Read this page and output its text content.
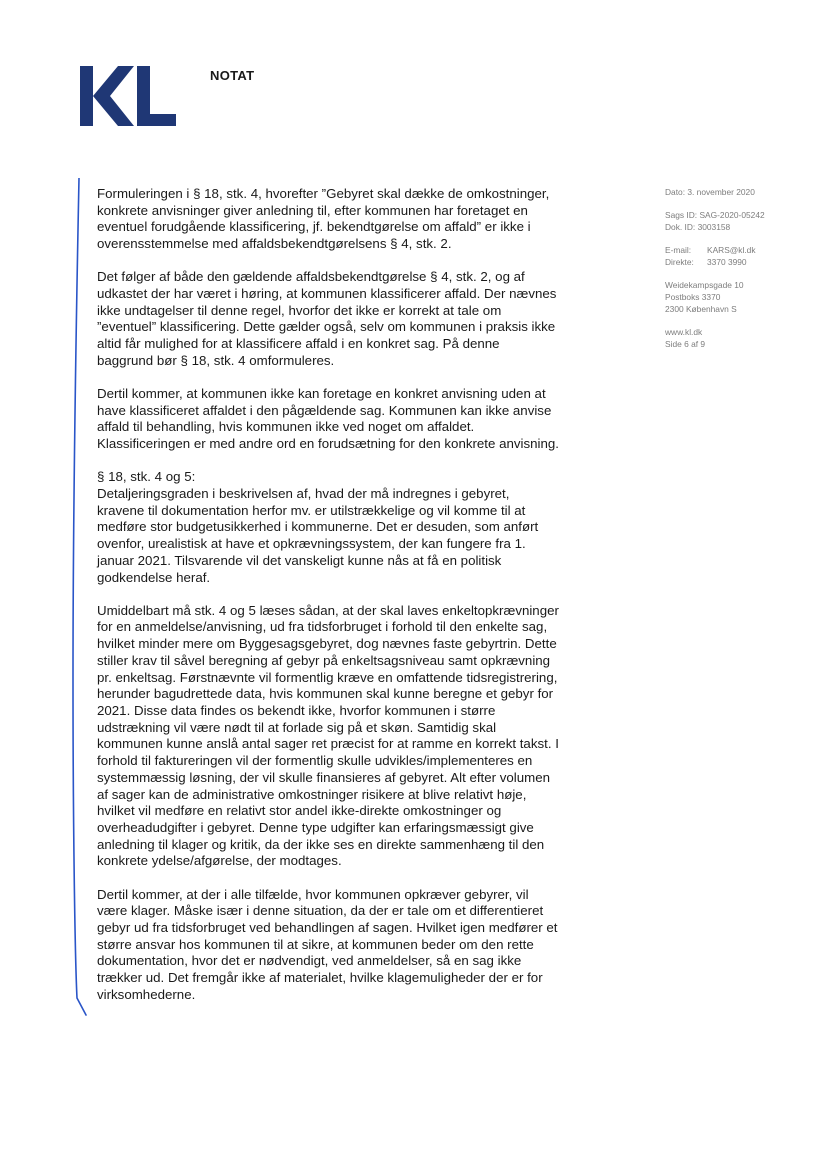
NOTAT

Formuleringen i § 18, stk. 4, hvorefter ”Gebyret skal dække de omkostninger, konkrete anvisninger giver anledning til, efter kommunen har foretaget en eventuel forudgående klassificering, jf. bekendtgørelse om affald” er ikke i overensstemmelse med affaldsbekendtgørelsens § 4, stk. 2.

Det følger af både den gældende affaldsbekendtgørelse § 4, stk. 2, og af udkastet der har været i høring, at kommunen klassificerer affald. Der nævnes ikke undtagelser til denne regel, hvorfor det ikke er korrekt at tale om ”eventuel” klassificering. Dette gælder også, selv om kommunen i praksis ikke altid får mulighed for at klassificere affald i en konkret sag. På denne baggrund bør § 18, stk. 4 omformuleres.

Dertil kommer, at kommunen ikke kan foretage en konkret anvisning uden at have klassificeret affaldet i den pågældende sag. Kommunen kan ikke anvise affald til behandling, hvis kommunen ikke ved noget om affaldet. Klassificeringen er med andre ord en forudsætning for den konkrete anvisning.

§ 18, stk. 4 og 5:
Detaljeringsgraden i beskrivelsen af, hvad der må indregnes i gebyret, kravene til dokumentation herfor mv. er utilstrækkelige og vil komme til at medføre stor budgetusikkerhed i kommunerne. Det er desuden, som anført ovenfor, urealistisk at have et opkrævningssystem, der kan fungere fra 1. januar 2021. Tilsvarende vil det vanskeligt kunne nås at få en politisk godkendelse heraf.

Umiddelbart må stk. 4 og 5 læses sådan, at der skal laves enkeltopkrævninger for en anmeldelse/anvisning, ud fra tidsforbruget i forhold til den enkelte sag, hvilket minder mere om Byggesagsgebyret, dog nævnes faste gebyrtrin. Dette stiller krav til såvel beregning af gebyr på enkeltsagsniveau samt opkrævning pr. enkeltsag. Førstnævnte vil formentlig kræve en omfattende tidsregistrering, herunder bagudrettede data, hvis kommunen skal kunne beregne et gebyr for 2021. Disse data findes os bekendt ikke, hvorfor kommunen i større udstrækning vil være nødt til at forlade sig på et skøn. Samtidig skal kommunen kunne anslå antal sager ret præcist for at ramme en korrekt takst. I forhold til faktureringen vil der formentlig skulle udvikles/implementeres en systemmæssig løsning, der vil skulle finansieres af gebyret. Alt efter volumen af sager kan de administrative omkostninger risikere at blive relativt høje, hvilket vil medføre en relativt stor andel ikke-direkte omkostninger og overheadudgifter i gebyret. Denne type udgifter kan erfaringsmæssigt give anledning til klager og kritik, da der ikke ses en direkte sammenhæng til den konkrete ydelse/afgørelse, der modtages.

Dertil kommer, at der i alle tilfælde, hvor kommunen opkræver gebyrer, vil være klager. Måske især i denne situation, da der er tale om et differentieret gebyr ud fra tidsforbruget ved behandlingen af sagen. Hvilket igen medfører et større ansvar hos kommunen til at sikre, at kommunen beder om den rette dokumentation, hvor det er nødvendigt, ved anmeldelser, så en sag ikke trækker ud. Det fremgår ikke af materialet, hvilke klagemuligheder der er for virksomhederne.

Dato: 3. november 2020
Sags ID: SAG-2020-05242
Dok. ID: 3003158
E-mail: KARS@kl.dk
Direkte: 3370 3990
Weidekampsgade 10
Postboks 3370
2300 København S
www.kl.dk
Side 6 af 9
